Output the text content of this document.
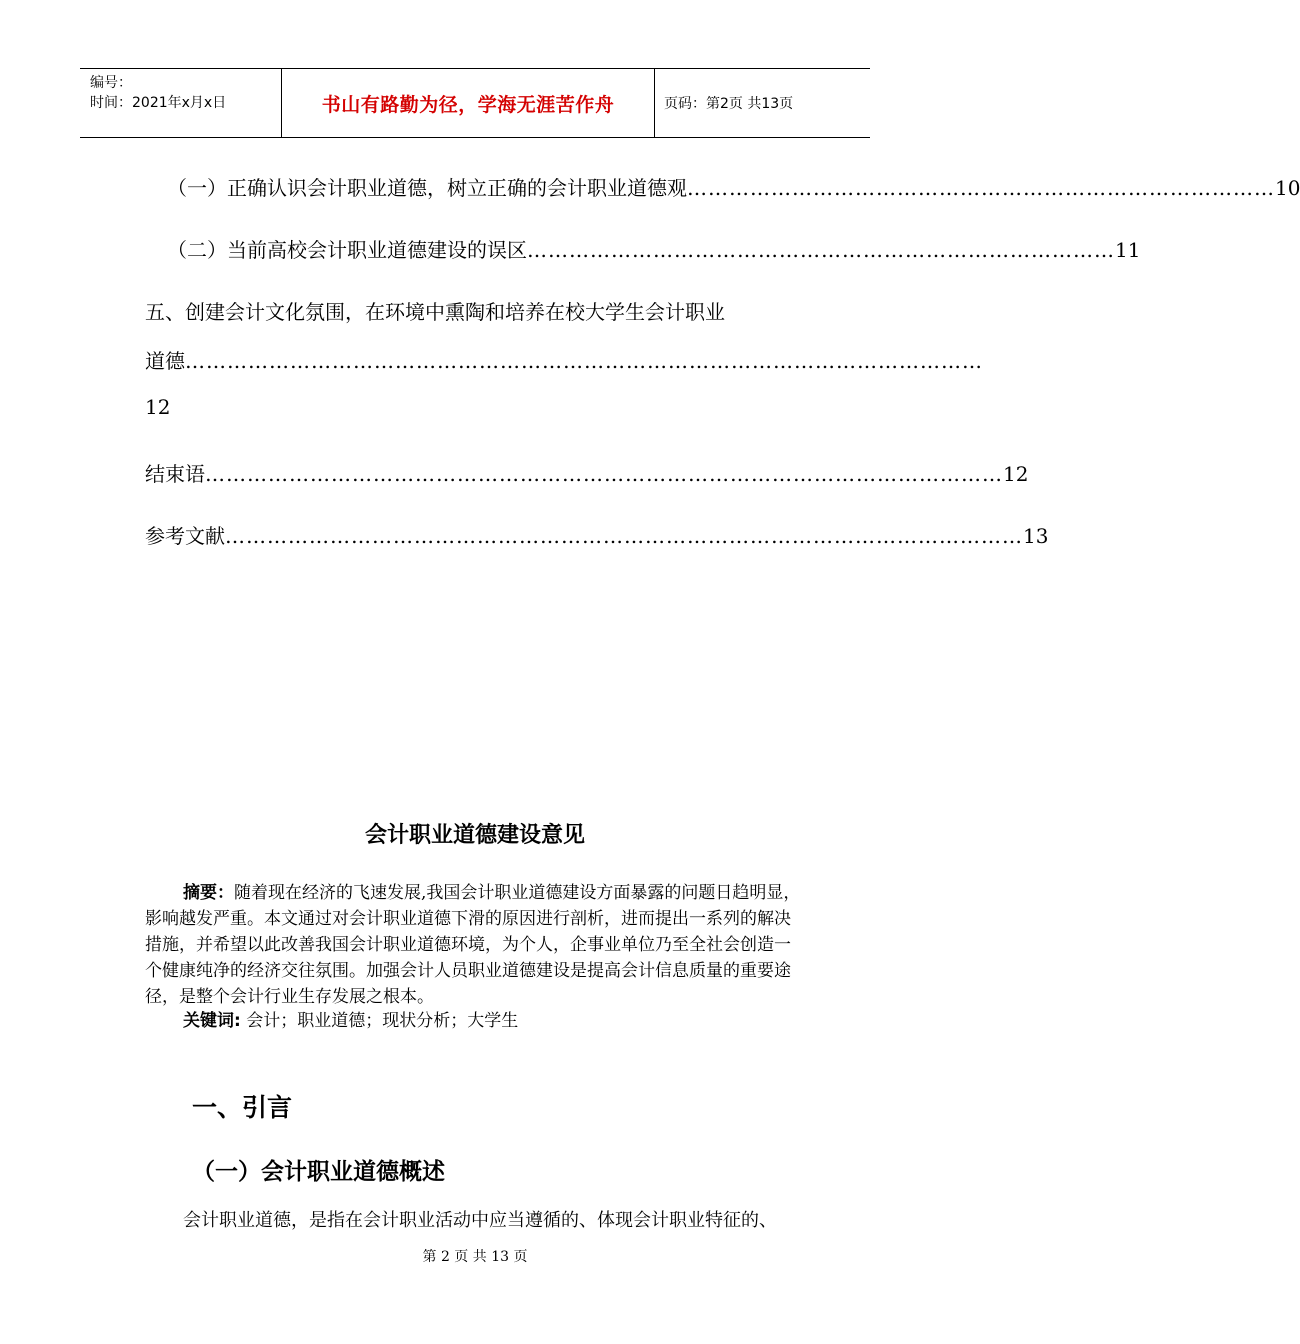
编号：
时间：2021年x月x日	书山有路勤为径，学海无涯苦作舟	页码：第2页 共13页
（一）正确认识会计职业道德，树立正确的会计职业道德观 ………………………………………………………………………… 10
（二）当前高校会计职业道德建设的误区 ………………………………………………………………………… 11
五、创建会计文化氛围，在环境中熏陶和培养在校大学生会计职业
道德 ……………………………………………………………………………………………………
12
结束语 …………………………………………………………………………………………………… 12
参考文献 …………………………………………………………………………………………………… 13
会计职业道德建设意见

摘要：随着现在经济的飞速发展,我国会计职业道德建设方面暴露的问题日趋明显，影响越发严重。本文通过对会计职业道德下滑的原因进行剖析，进而提出一系列的解决措施，并希望以此改善我国会计职业道德环境，为个人，企事业单位乃至全社会创造一个健康纯净的经济交往氛围。加强会计人员职业道德建设是提高会计信息质量的重要途径，是整个会计行业生存发展之根本。

关键词: 会计；职业道德；现状分析；大学生
一、引言
（一）会计职业道德概述
会计职业道德，是指在会计职业活动中应当遵循的、体现会计职业特征的、
第 2 页 共 13 页
